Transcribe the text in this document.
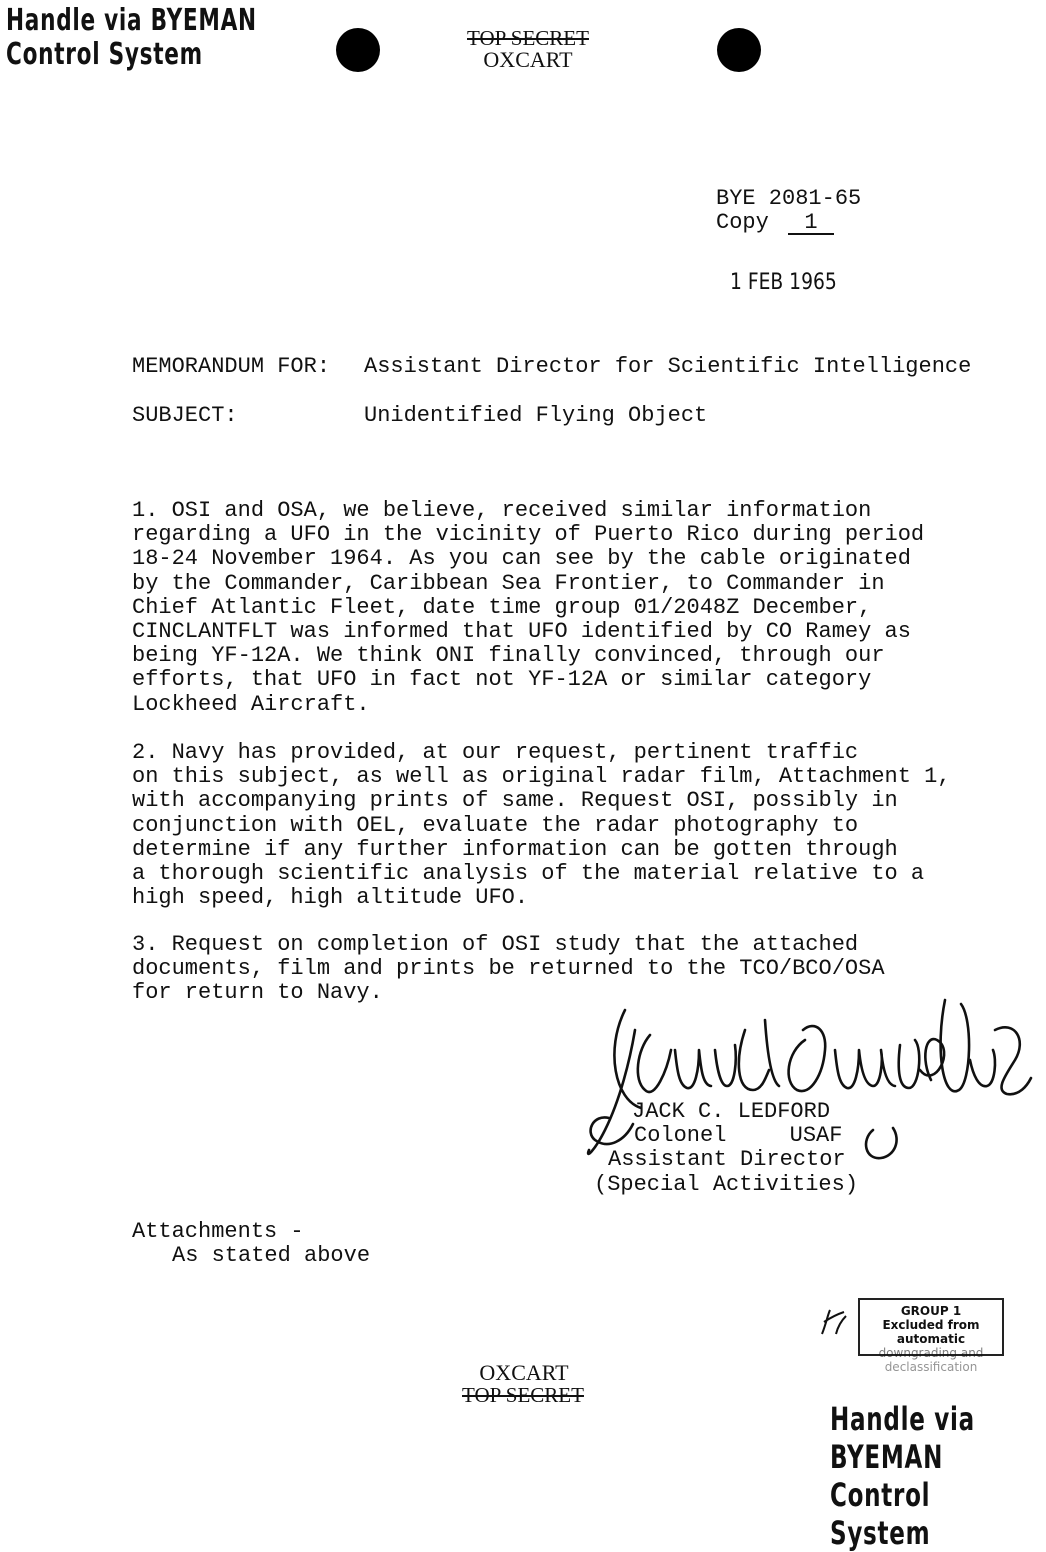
Handle via BYEMAN
Control System	TOP SECRET
OXCART
BYE 2081-65
Copy 1
1 FEB 1965
MEMORANDUM FOR: Assistant Director for Scientific Intelligence
SUBJECT:	Unidentified Flying Object
1. OSI and OSA, we believe, received similar information
regarding a UFO in the vicinity of Puerto Rico during period
18-24 November 1964. As you can see by the cable originated
by the Commander, Caribbean Sea Frontier, to Commander in
Chief Atlantic Fleet, date time group 01/2048Z December,
CINCLANTFLT was informed that UFO identified by CO Ramey as
being YF-12A. We think ONI finally convinced, through our
efforts, that UFO in fact not YF-12A or similar category
Lockheed Aircraft.
2. Navy has provided, at our request, pertinent traffic
on this subject, as well as original radar film, Attachment 1,
with accompanying prints of same. Request OSI, possibly in
conjunction with OEL, evaluate the radar photography to
determine if any further information can be gotten through
a thorough scientific analysis of the material relative to a
high speed, high altitude UFO.
3. Request on completion of OSI study that the attached
documents, film and prints be returned to the TCO/BCO/OSA
for return to Navy.
JACK C. LEDFORD
Colonel	USAF
Assistant Director
(Special Activities)
Attachments -
As stated above
GROUP 1
Excluded from automatic
downgrading and
declassification
OXCART
TOP SECRET
Handle via BYEMAN
Control System
